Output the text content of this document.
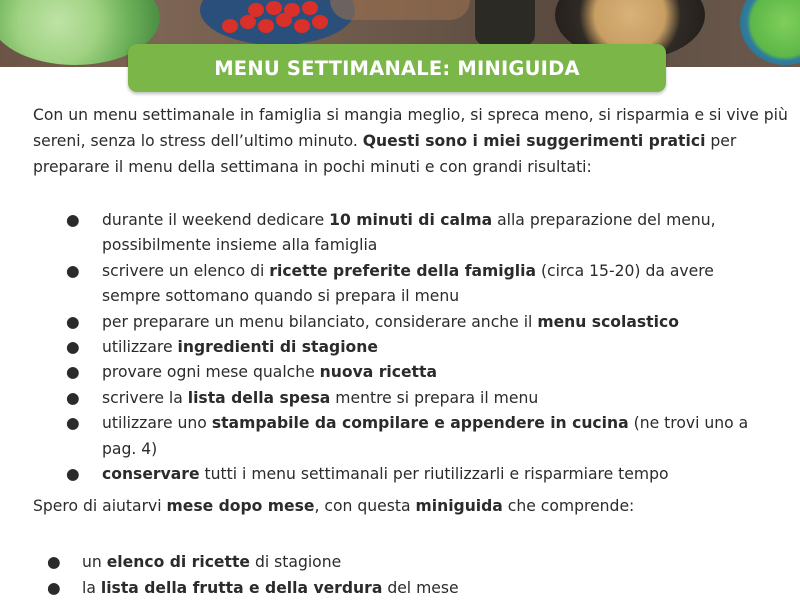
MENU SETTIMANALE: MINIGUIDA

Con un menu settimanale in famiglia si mangia meglio, si spreca meno, si risparmia e si vive più sereni, senza lo stress dell’ultimo minuto. Questi sono i miei suggerimenti pratici per preparare il menu della settimana in pochi minuti e con grandi risultati:

● durante il weekend dedicare 10 minuti di calma alla preparazione del menu, possibilmente insieme alla famiglia
● scrivere un elenco di ricette preferite della famiglia (circa 15-20) da avere sempre sottomano quando si prepara il menu
● per preparare un menu bilanciato, considerare anche il menu scolastico
● utilizzare ingredienti di stagione
● provare ogni mese qualche nuova ricetta
● scrivere la lista della spesa mentre si prepara il menu
● utilizzare uno stampabile da compilare e appendere in cucina (ne trovi uno a pag. 4)
● conservare tutti i menu settimanali per riutilizzarli e risparmiare tempo

Spero di aiutarvi mese dopo mese, con questa miniguida che comprende:

● un elenco di ricette di stagione
● la lista della frutta e della verdura del mese
